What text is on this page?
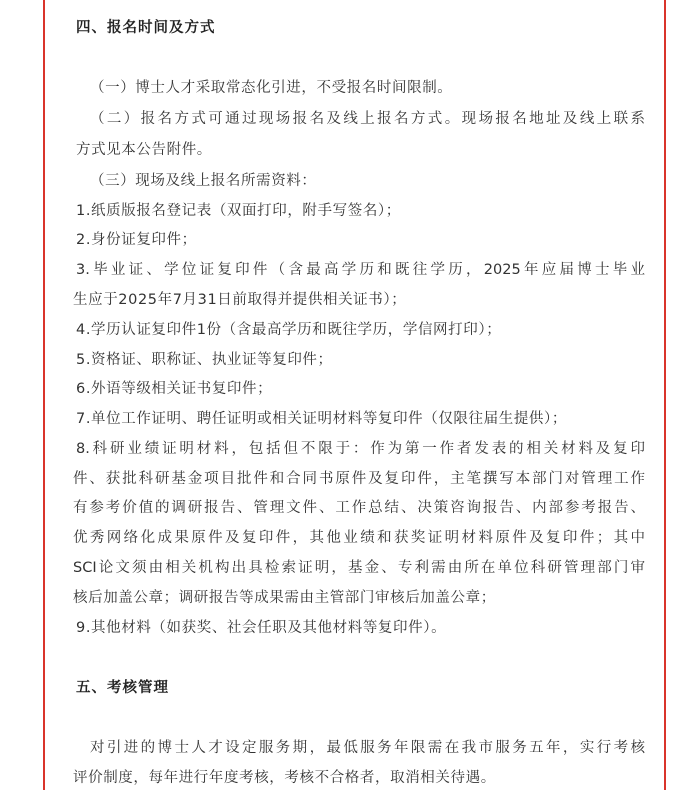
四、报名时间及方式
（一）博士人才采取常态化引进，不受报名时间限制。
（二）报名方式可通过现场报名及线上报名方式。现场报名地址及线上联系
方式见本公告附件。
（三）现场及线上报名所需资料：
1.纸质版报名登记表（双面打印，附手写签名）；
2.身份证复印件；
3.毕业证、学位证复印件（含最高学历和既往学历，2025年应届博士毕业
生应于2025年7月31日前取得并提供相关证书）；
4.学历认证复印件1份（含最高学历和既往学历，学信网打印）；
5.资格证、职称证、执业证等复印件；
6.外语等级相关证书复印件；
7.单位工作证明、聘任证明或相关证明材料等复印件（仅限往届生提供）；
8.科研业绩证明材料，包括但不限于：作为第一作者发表的相关材料及复印
件、获批科研基金项目批件和合同书原件及复印件，主笔撰写本部门对管理工作
有参考价值的调研报告、管理文件、工作总结、决策咨询报告、内部参考报告、
优秀网络化成果原件及复印件，其他业绩和获奖证明材料原件及复印件；其中
SCI论文须由相关机构出具检索证明，基金、专利需由所在单位科研管理部门审
核后加盖公章；调研报告等成果需由主管部门审核后加盖公章；
9.其他材料（如获奖、社会任职及其他材料等复印件）。
五、考核管理
对引进的博士人才设定服务期，最低服务年限需在我市服务五年，实行考核
评价制度，每年进行年度考核，考核不合格者，取消相关待遇。
